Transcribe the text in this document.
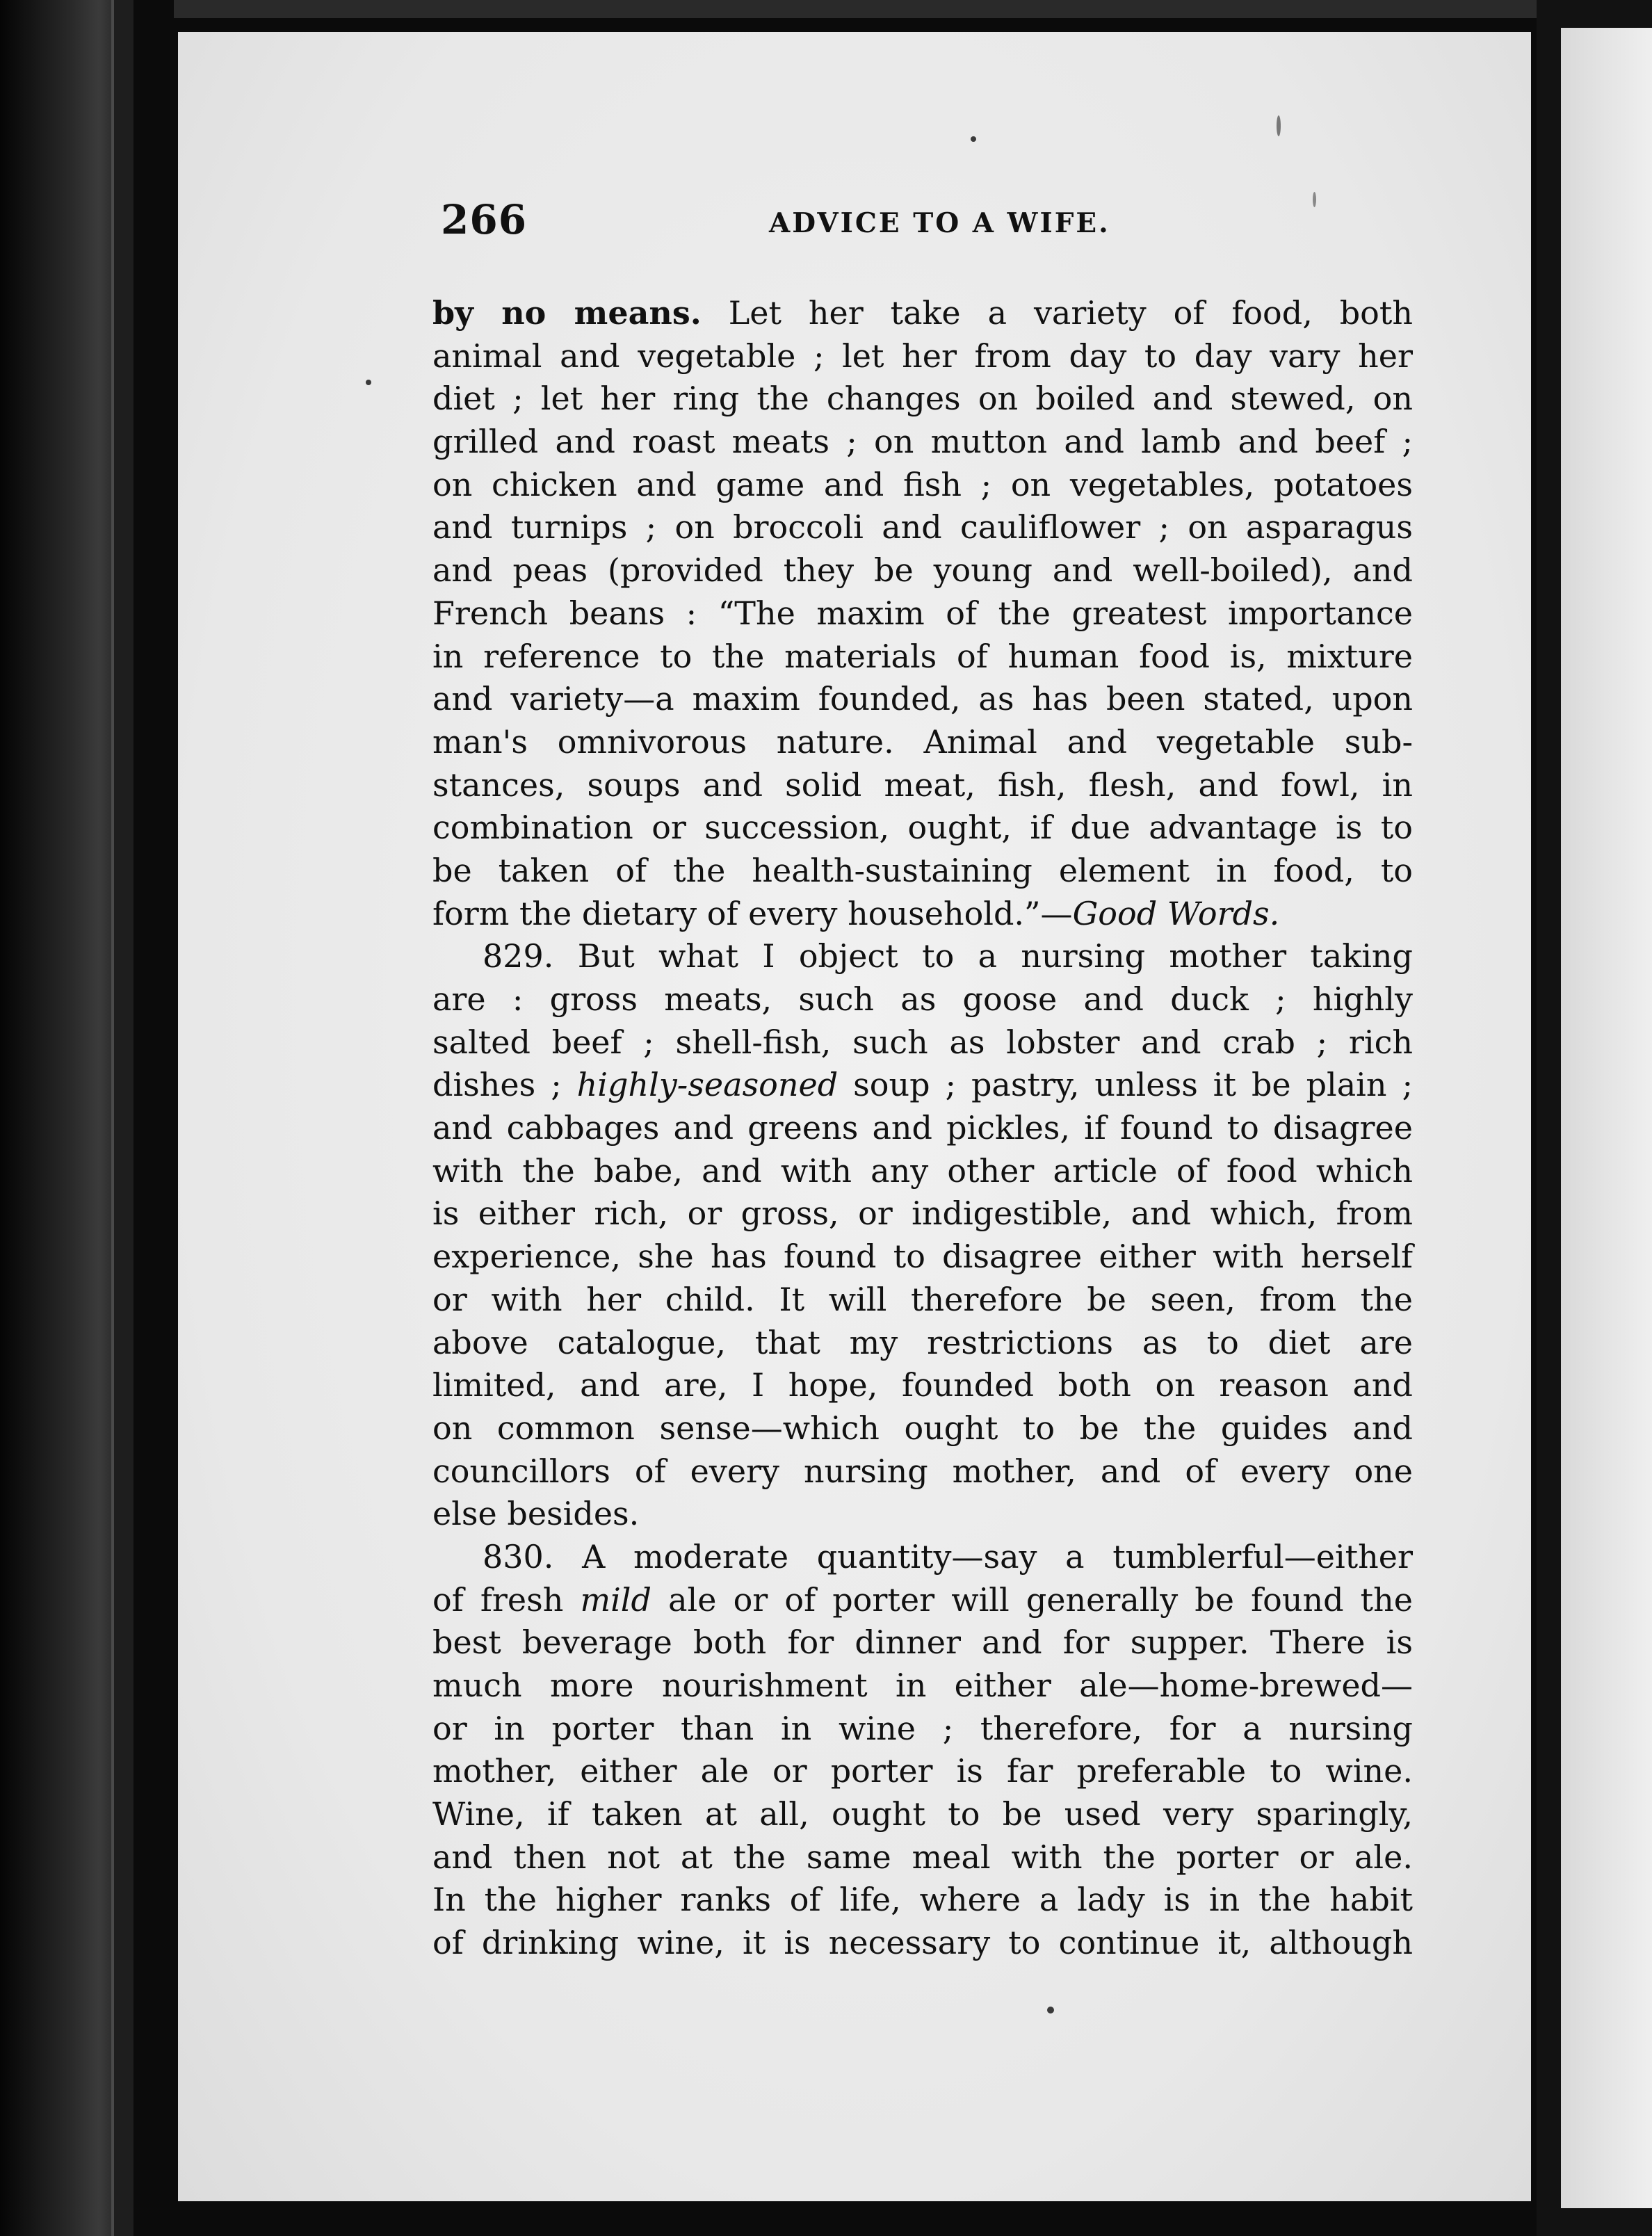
266	ADVICE TO A WIFE.
by no means. Let her take a variety of food, both
animal and vegetable ; let her from day to day vary her
diet ; let her ring the changes on boiled and stewed, on
grilled and roast meats ; on mutton and lamb and beef ;
on chicken and game and fish ; on vegetables, potatoes
and turnips ; on broccoli and cauliflower ; on asparagus
and peas (provided they be young and well-boiled), and
French beans : “The maxim of the greatest importance
in reference to the materials of human food is, mixture
and variety—a maxim founded, as has been stated, upon
man's omnivorous nature. Animal and vegetable sub-
stances, soups and solid meat, fish, flesh, and fowl, in
combination or succession, ought, if due advantage is to
be taken of the health-sustaining element in food, to
form the dietary of every household.”—Good Words.
829. But what I object to a nursing mother taking
are : gross meats, such as goose and duck ; highly
salted beef ; shell-fish, such as lobster and crab ; rich
dishes ; highly-seasoned soup ; pastry, unless it be plain ;
and cabbages and greens and pickles, if found to disagree
with the babe, and with any other article of food which
is either rich, or gross, or indigestible, and which, from
experience, she has found to disagree either with herself
or with her child. It will therefore be seen, from the
above catalogue, that my restrictions as to diet are
limited, and are, I hope, founded both on reason and
on common sense—which ought to be the guides and
councillors of every nursing mother, and of every one
else besides.
830. A moderate quantity—say a tumblerful—either
of fresh mild ale or of porter will generally be found the
best beverage both for dinner and for supper. There is
much more nourishment in either ale—home-brewed—
or in porter than in wine ; therefore, for a nursing
mother, either ale or porter is far preferable to wine.
Wine, if taken at all, ought to be used very sparingly,
and then not at the same meal with the porter or ale.
In the higher ranks of life, where a lady is in the habit
of drinking wine, it is necessary to continue it, although
